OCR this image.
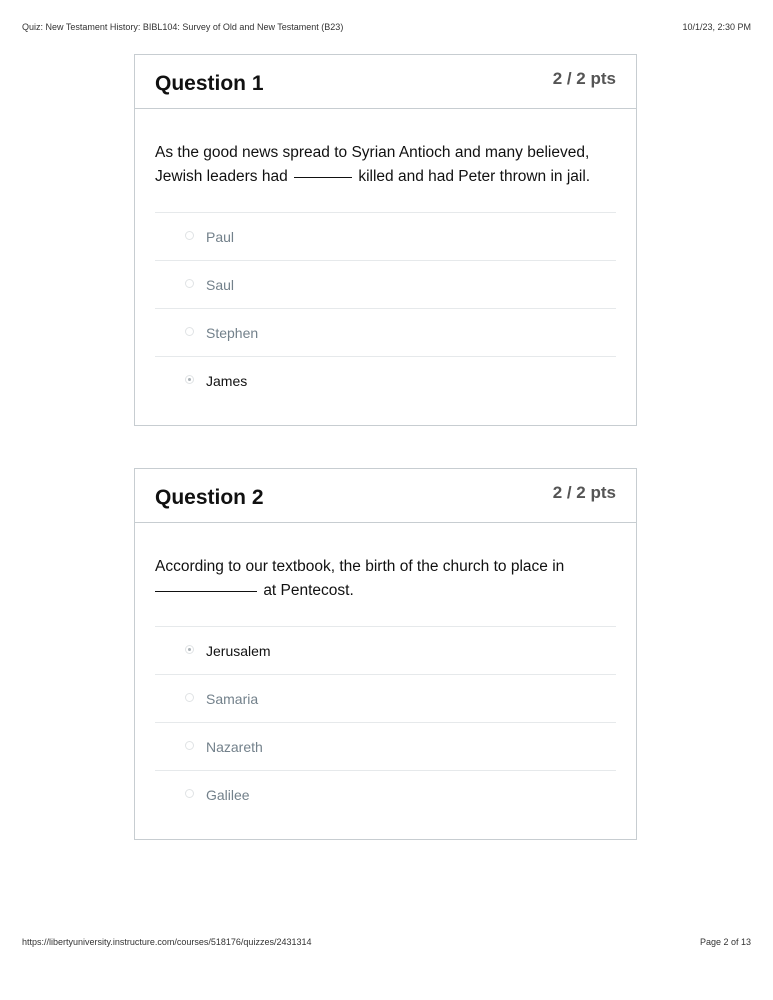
Quiz: New Testament History: BIBL104: Survey of Old and New Testament (B23)	10/1/23, 2:30 PM
Question 1	2 / 2 pts
As the good news spread to Syrian Antioch and many believed,
Jewish leaders had	killed and had Peter thrown in jail.
Paul
Saul
Stephen
James
Question 2	2 / 2 pts
According to our textbook, the birth of the church to place in
at Pentecost.
Jerusalem
Samaria
Nazareth
Galilee
https://libertyuniversity.instructure.com/courses/518176/quizzes/2431314	Page 2 of 13
